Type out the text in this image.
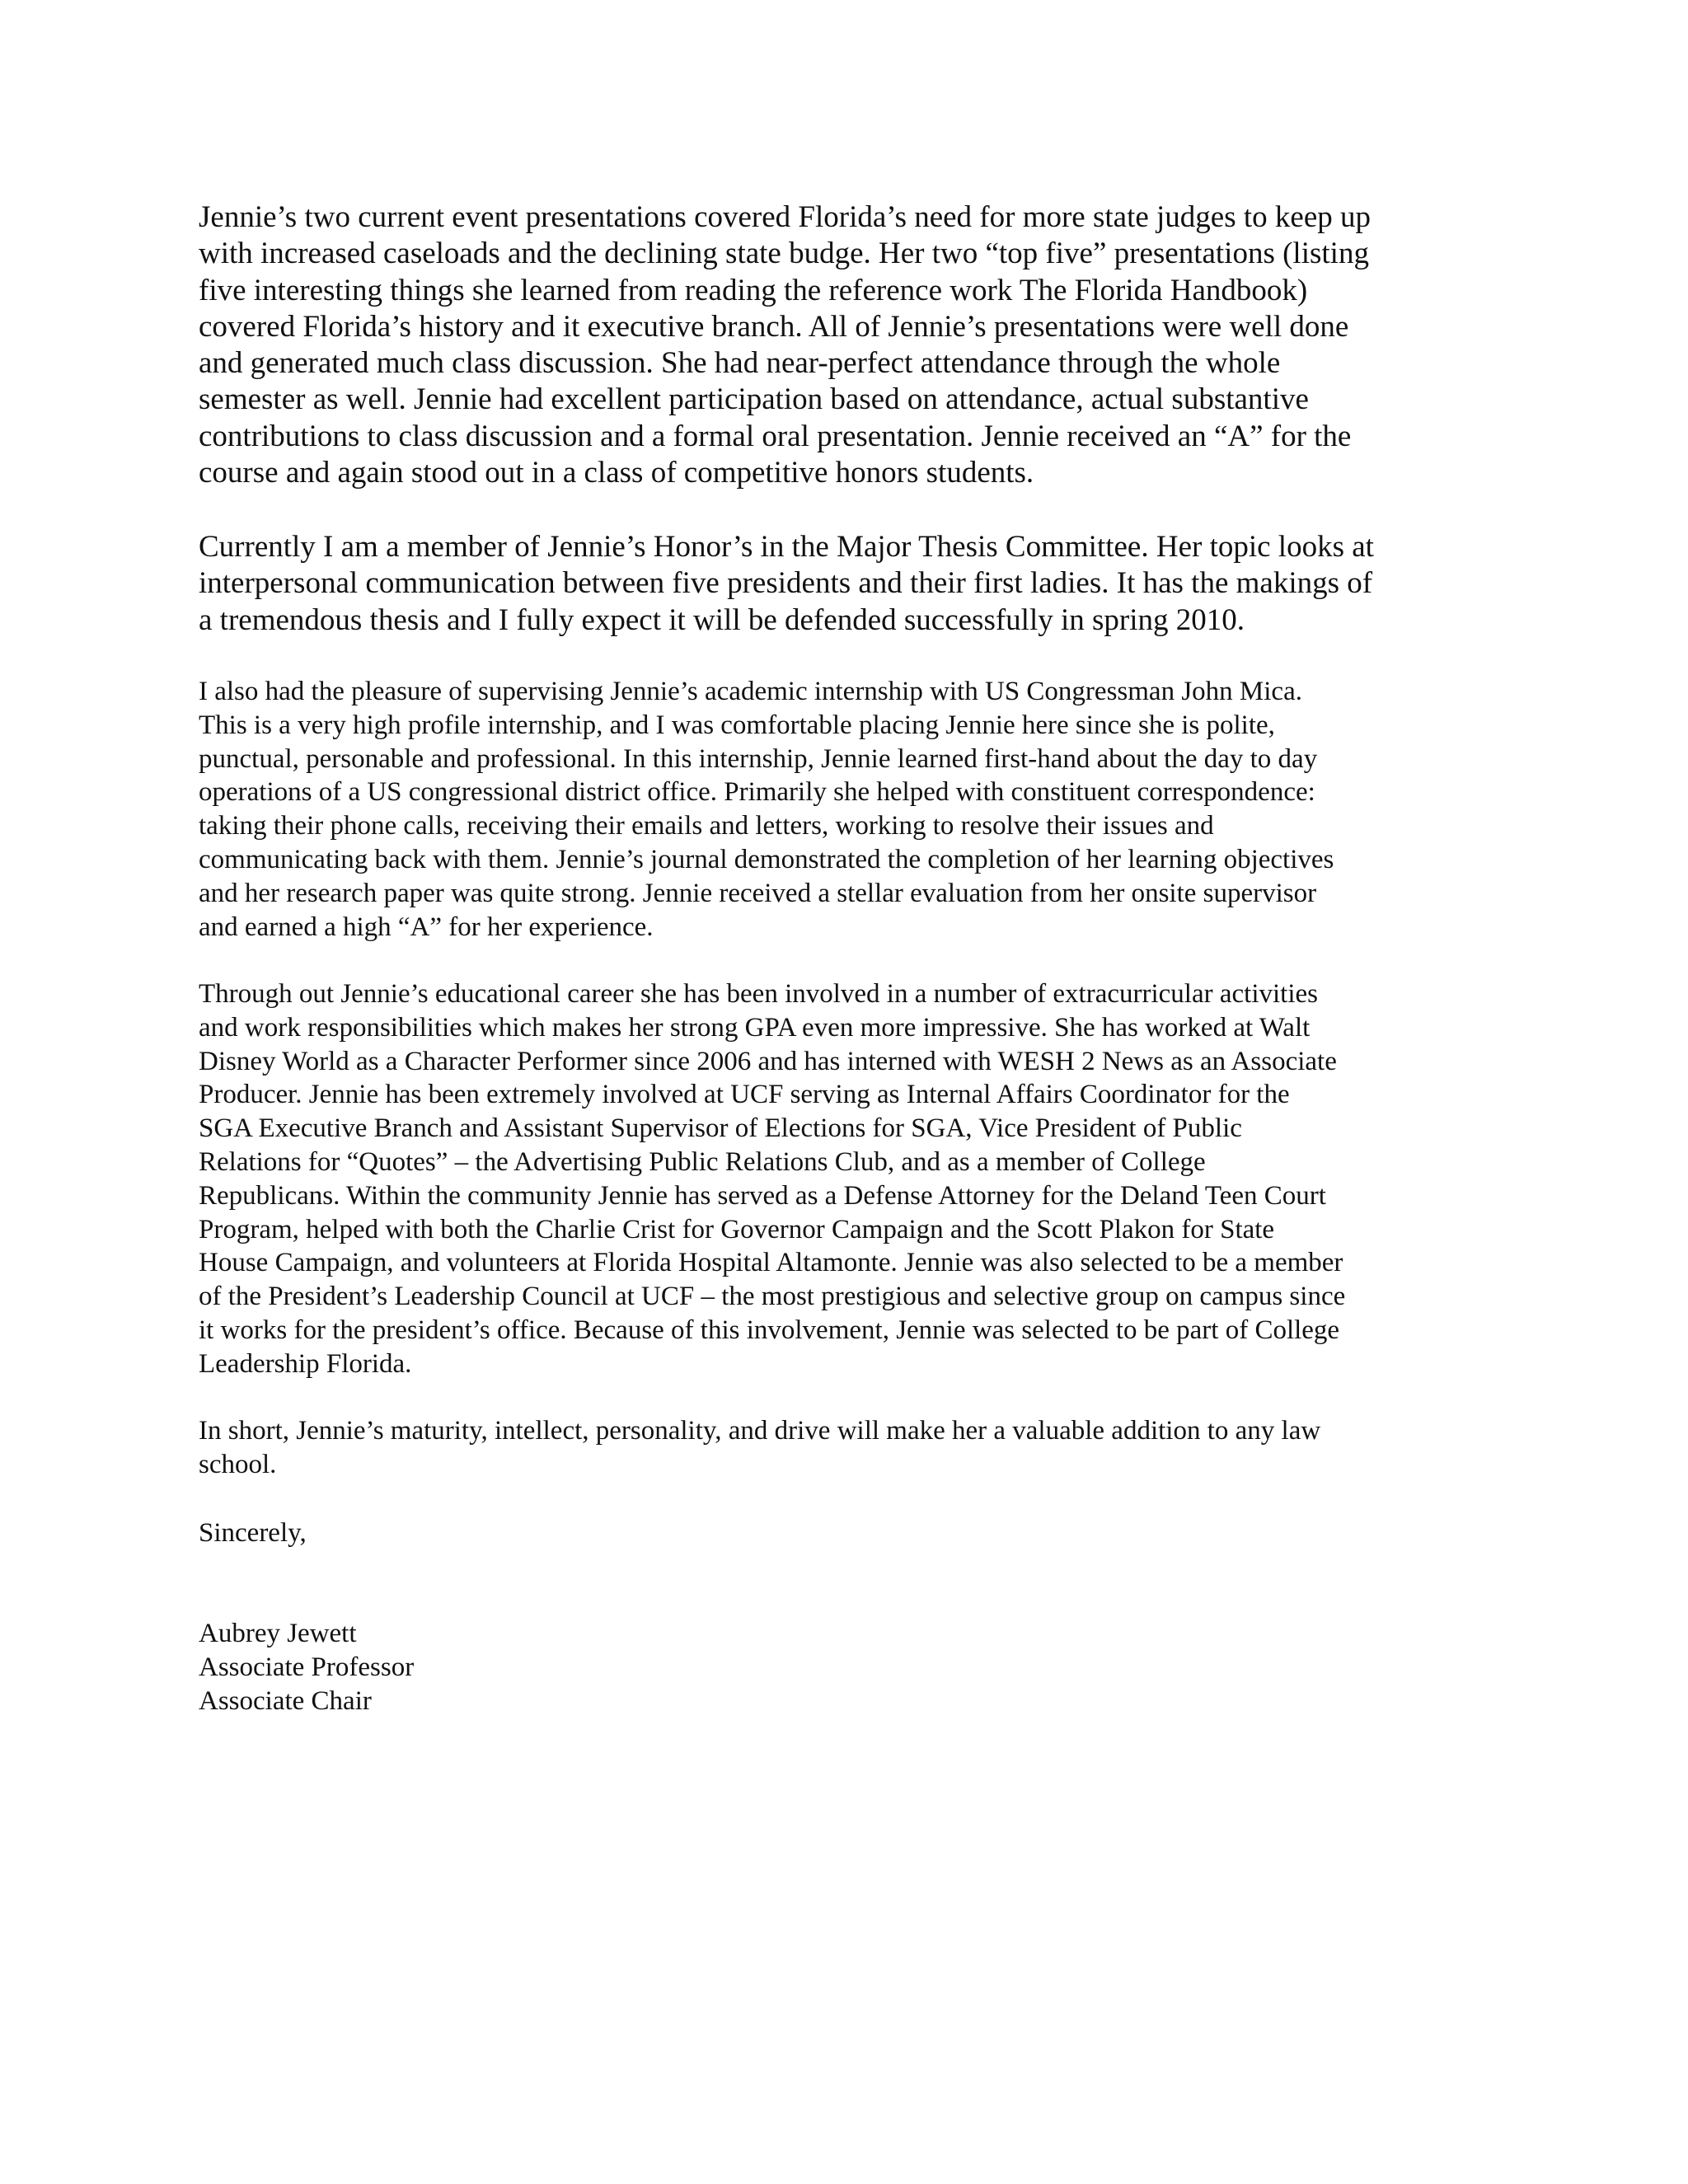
Jennie’s two current event presentations covered Florida’s need for more state judges to keep up
with increased caseloads and the declining state budge. Her two “top five” presentations (listing
five interesting things she learned from reading the reference work The Florida Handbook)
covered Florida’s history and it executive branch. All of Jennie’s presentations were well done
and generated much class discussion. She had near-perfect attendance through the whole
semester as well. Jennie had excellent participation based on attendance, actual substantive
contributions to class discussion and a formal oral presentation. Jennie received an “A” for the
course and again stood out in a class of competitive honors students.

Currently I am a member of Jennie’s Honor’s in the Major Thesis Committee. Her topic looks at
interpersonal communication between five presidents and their first ladies. It has the makings of
a tremendous thesis and I fully expect it will be defended successfully in spring 2010.

I also had the pleasure of supervising Jennie’s academic internship with US Congressman John Mica.
This is a very high profile internship, and I was comfortable placing Jennie here since she is polite,
punctual, personable and professional. In this internship, Jennie learned first-hand about the day to day
operations of a US congressional district office. Primarily she helped with constituent correspondence:
taking their phone calls, receiving their emails and letters, working to resolve their issues and
communicating back with them. Jennie’s journal demonstrated the completion of her learning objectives
and her research paper was quite strong. Jennie received a stellar evaluation from her onsite supervisor
and earned a high “A” for her experience.

Through out Jennie’s educational career she has been involved in a number of extracurricular activities
and work responsibilities which makes her strong GPA even more impressive. She has worked at Walt
Disney World as a Character Performer since 2006 and has interned with WESH 2 News as an Associate
Producer. Jennie has been extremely involved at UCF serving as Internal Affairs Coordinator for the
SGA Executive Branch and Assistant Supervisor of Elections for SGA, Vice President of Public
Relations for “Quotes” – the Advertising Public Relations Club, and as a member of College
Republicans. Within the community Jennie has served as a Defense Attorney for the Deland Teen Court
Program, helped with both the Charlie Crist for Governor Campaign and the Scott Plakon for State
House Campaign, and volunteers at Florida Hospital Altamonte. Jennie was also selected to be a member
of the President’s Leadership Council at UCF – the most prestigious and selective group on campus since
it works for the president’s office. Because of this involvement, Jennie was selected to be part of College
Leadership Florida.

In short, Jennie’s maturity, intellect, personality, and drive will make her a valuable addition to any law
school.

Sincerely,

Aubrey Jewett
Associate Professor
Associate Chair
